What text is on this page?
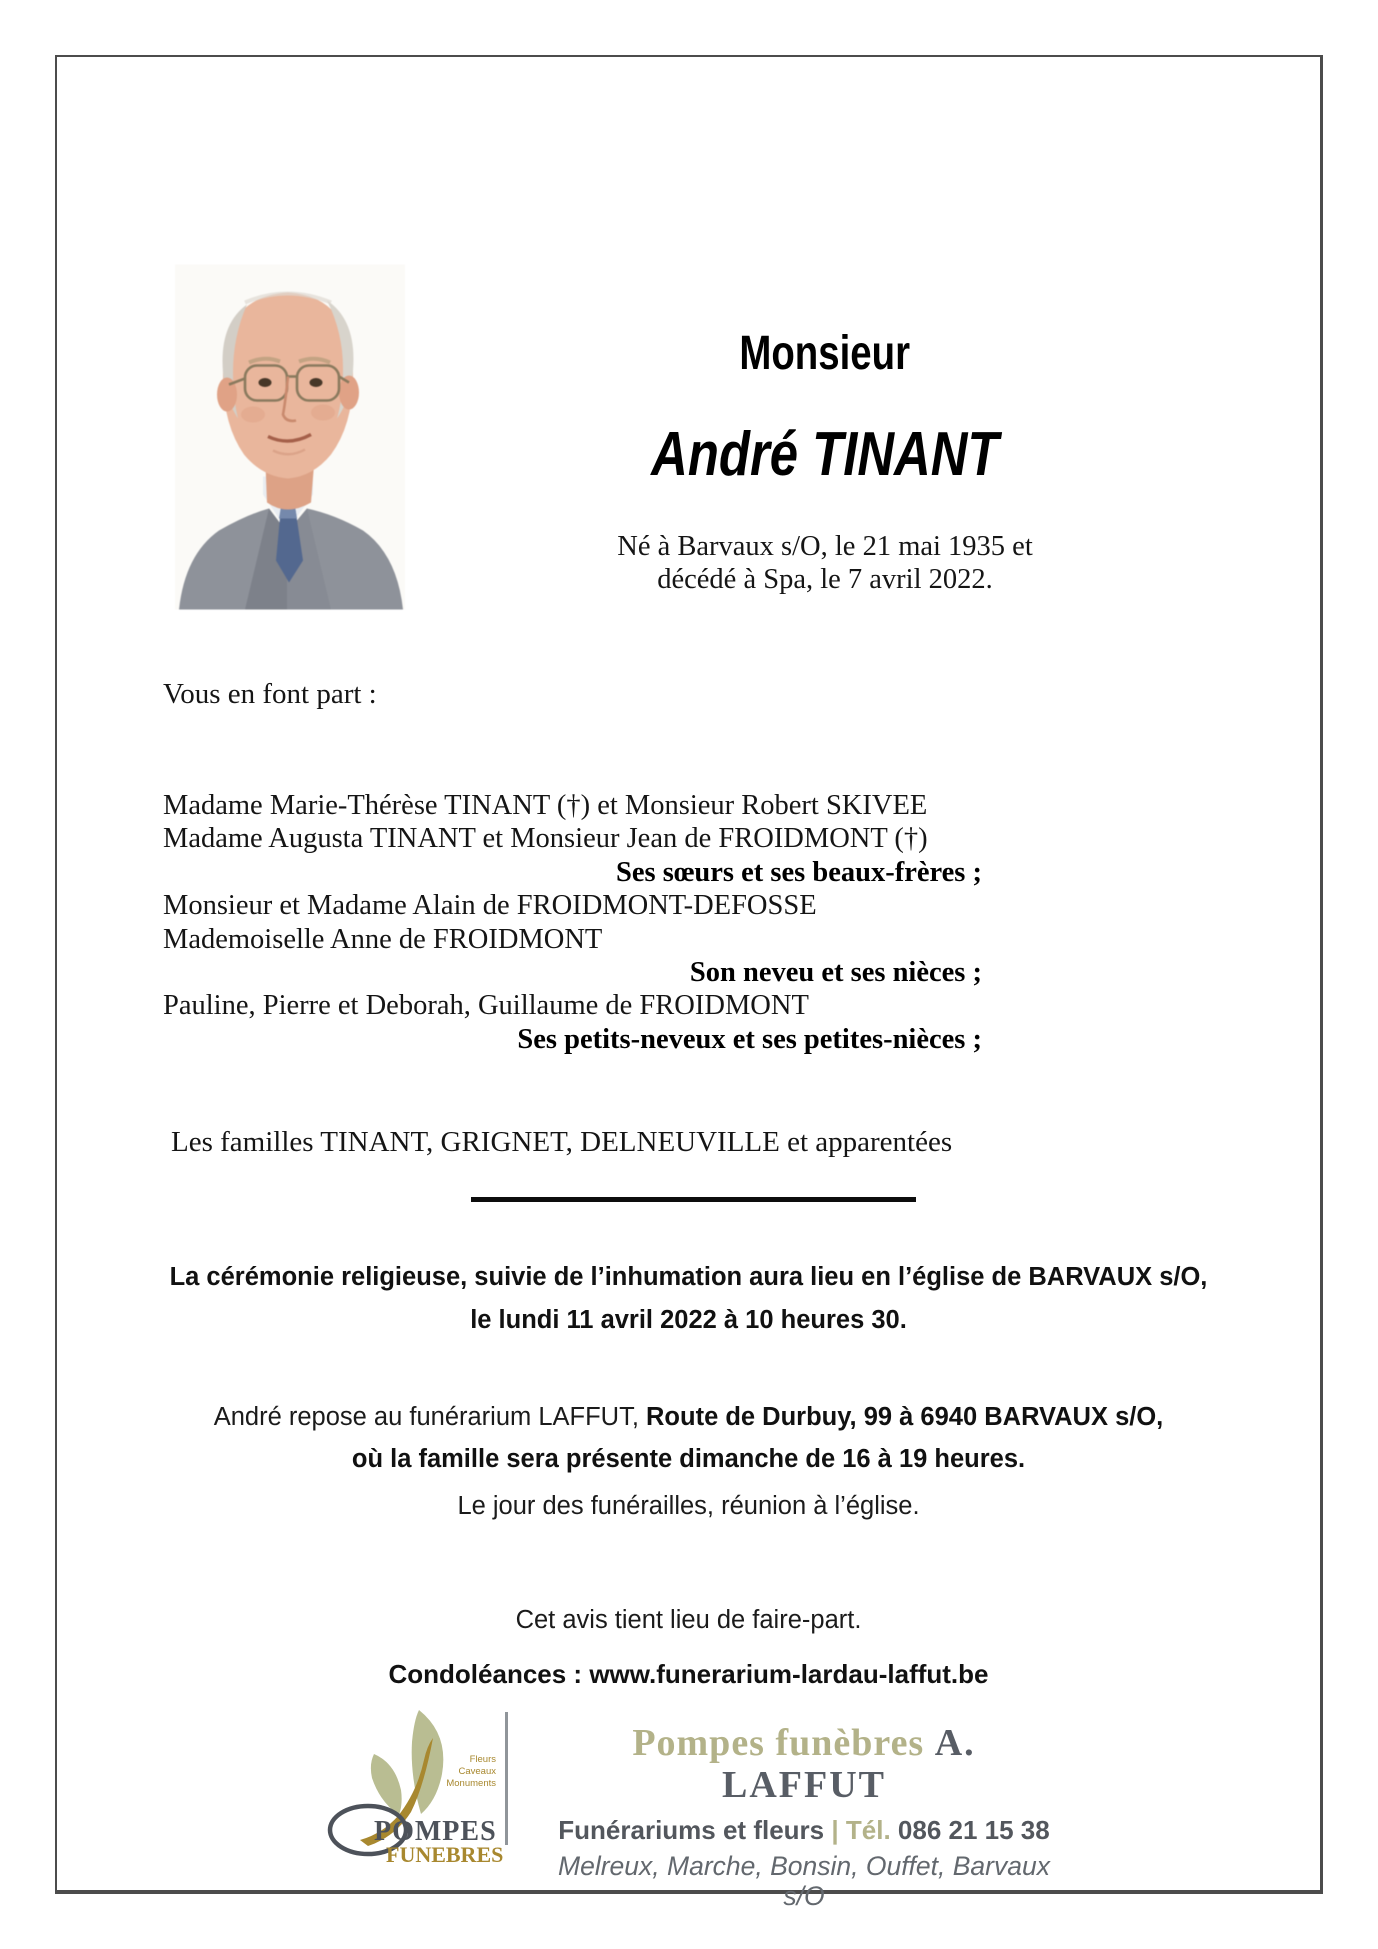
Monsieur
André TINANT
Né à Barvaux s/O, le 21 mai 1935 et
décédé à Spa, le 7 avril 2022.
Vous en font part :
Madame Marie-Thérèse TINANT (†) et Monsieur Robert SKIVEE
Madame Augusta TINANT et Monsieur Jean de FROIDMONT (†)
Ses sœurs et ses beaux-frères ;
Monsieur et Madame Alain de FROIDMONT-DEFOSSE
Mademoiselle Anne de FROIDMONT
Son neveu et ses nièces ;
Pauline, Pierre et Deborah, Guillaume de FROIDMONT
Ses petits-neveux et ses petites-nièces ;
Les familles TINANT, GRIGNET, DELNEUVILLE et apparentées
La cérémonie religieuse, suivie de l’inhumation aura lieu en l’église de BARVAUX s/O,
le lundi 11 avril 2022 à 10 heures 30.
André repose au funérarium LAFFUT, Route de Durbuy, 99 à 6940 BARVAUX s/O,
où la famille sera présente dimanche de 16 à 19 heures.
Le jour des funérailles, réunion à l’église.
Cet avis tient lieu de faire-part.
Condoléances : www.funerarium-lardau-laffut.be
POMPES
FUNEBRES
Fleurs
Caveaux
Monuments
Pompes funèbres A. LAFFUT
Funérariums et fleurs | Tél. 086 21 15 38
Melreux, Marche, Bonsin, Ouffet, Barvaux s/O
